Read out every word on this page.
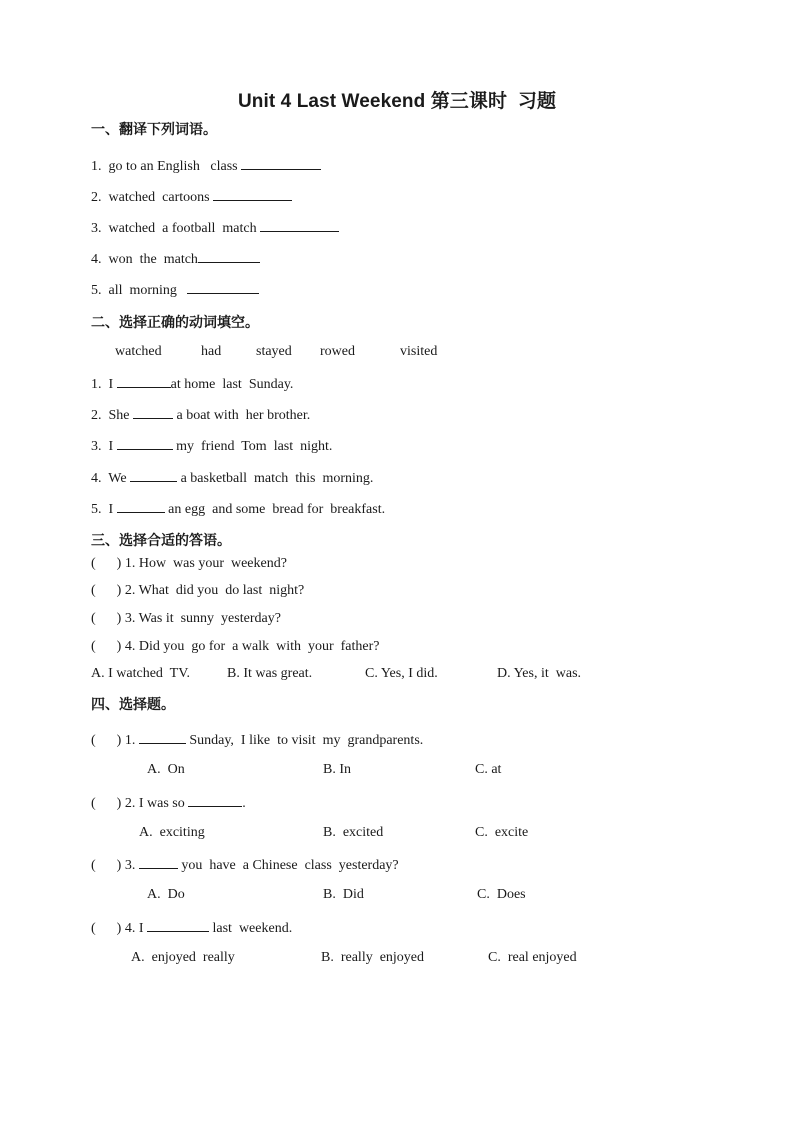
Unit 4 Last Weekend 第三课时  习题
一、翻译下列词语。
1. go to an English   class
2. watched  cartoons
3. watched  a football  match
4. won  the  match
5. all  morning
二、选择正确的动词填空。
watched	had stayed rowed	visited
1. I	at home  last  Sunday.
2. She	a boat with  her brother.
3. I	my  friend  Tom  last  night.
4. We	a basketball  match  this  morning.
5. I	an egg  and some  bread for  breakfast.
三、选择合适的答语。
(      ) 1. How  was your  weekend?
(      ) 2. What  did you  do last  night?
(      ) 3. Was it  sunny  yesterday?
(      ) 4. Did you  go for  a walk  with  your  father?
A. I watched  TV.	B. It was great.	C. Yes, I did.	D. Yes, it  was.
四、选择题。
(      ) 1.	Sunday,  I like  to visit  my  grandparents.
A.  On	B. In	C. at
(      ) 2. I was so	.
A.  exciting	B.  excited	C.  excite
(      ) 3.	you  have  a Chinese  class  yesterday?
A.  Do	B.  Did	C.  Does
(      ) 4. I	last  weekend.
A.  enjoyed  really	B.  really  enjoyed	C.  real enjoyed
